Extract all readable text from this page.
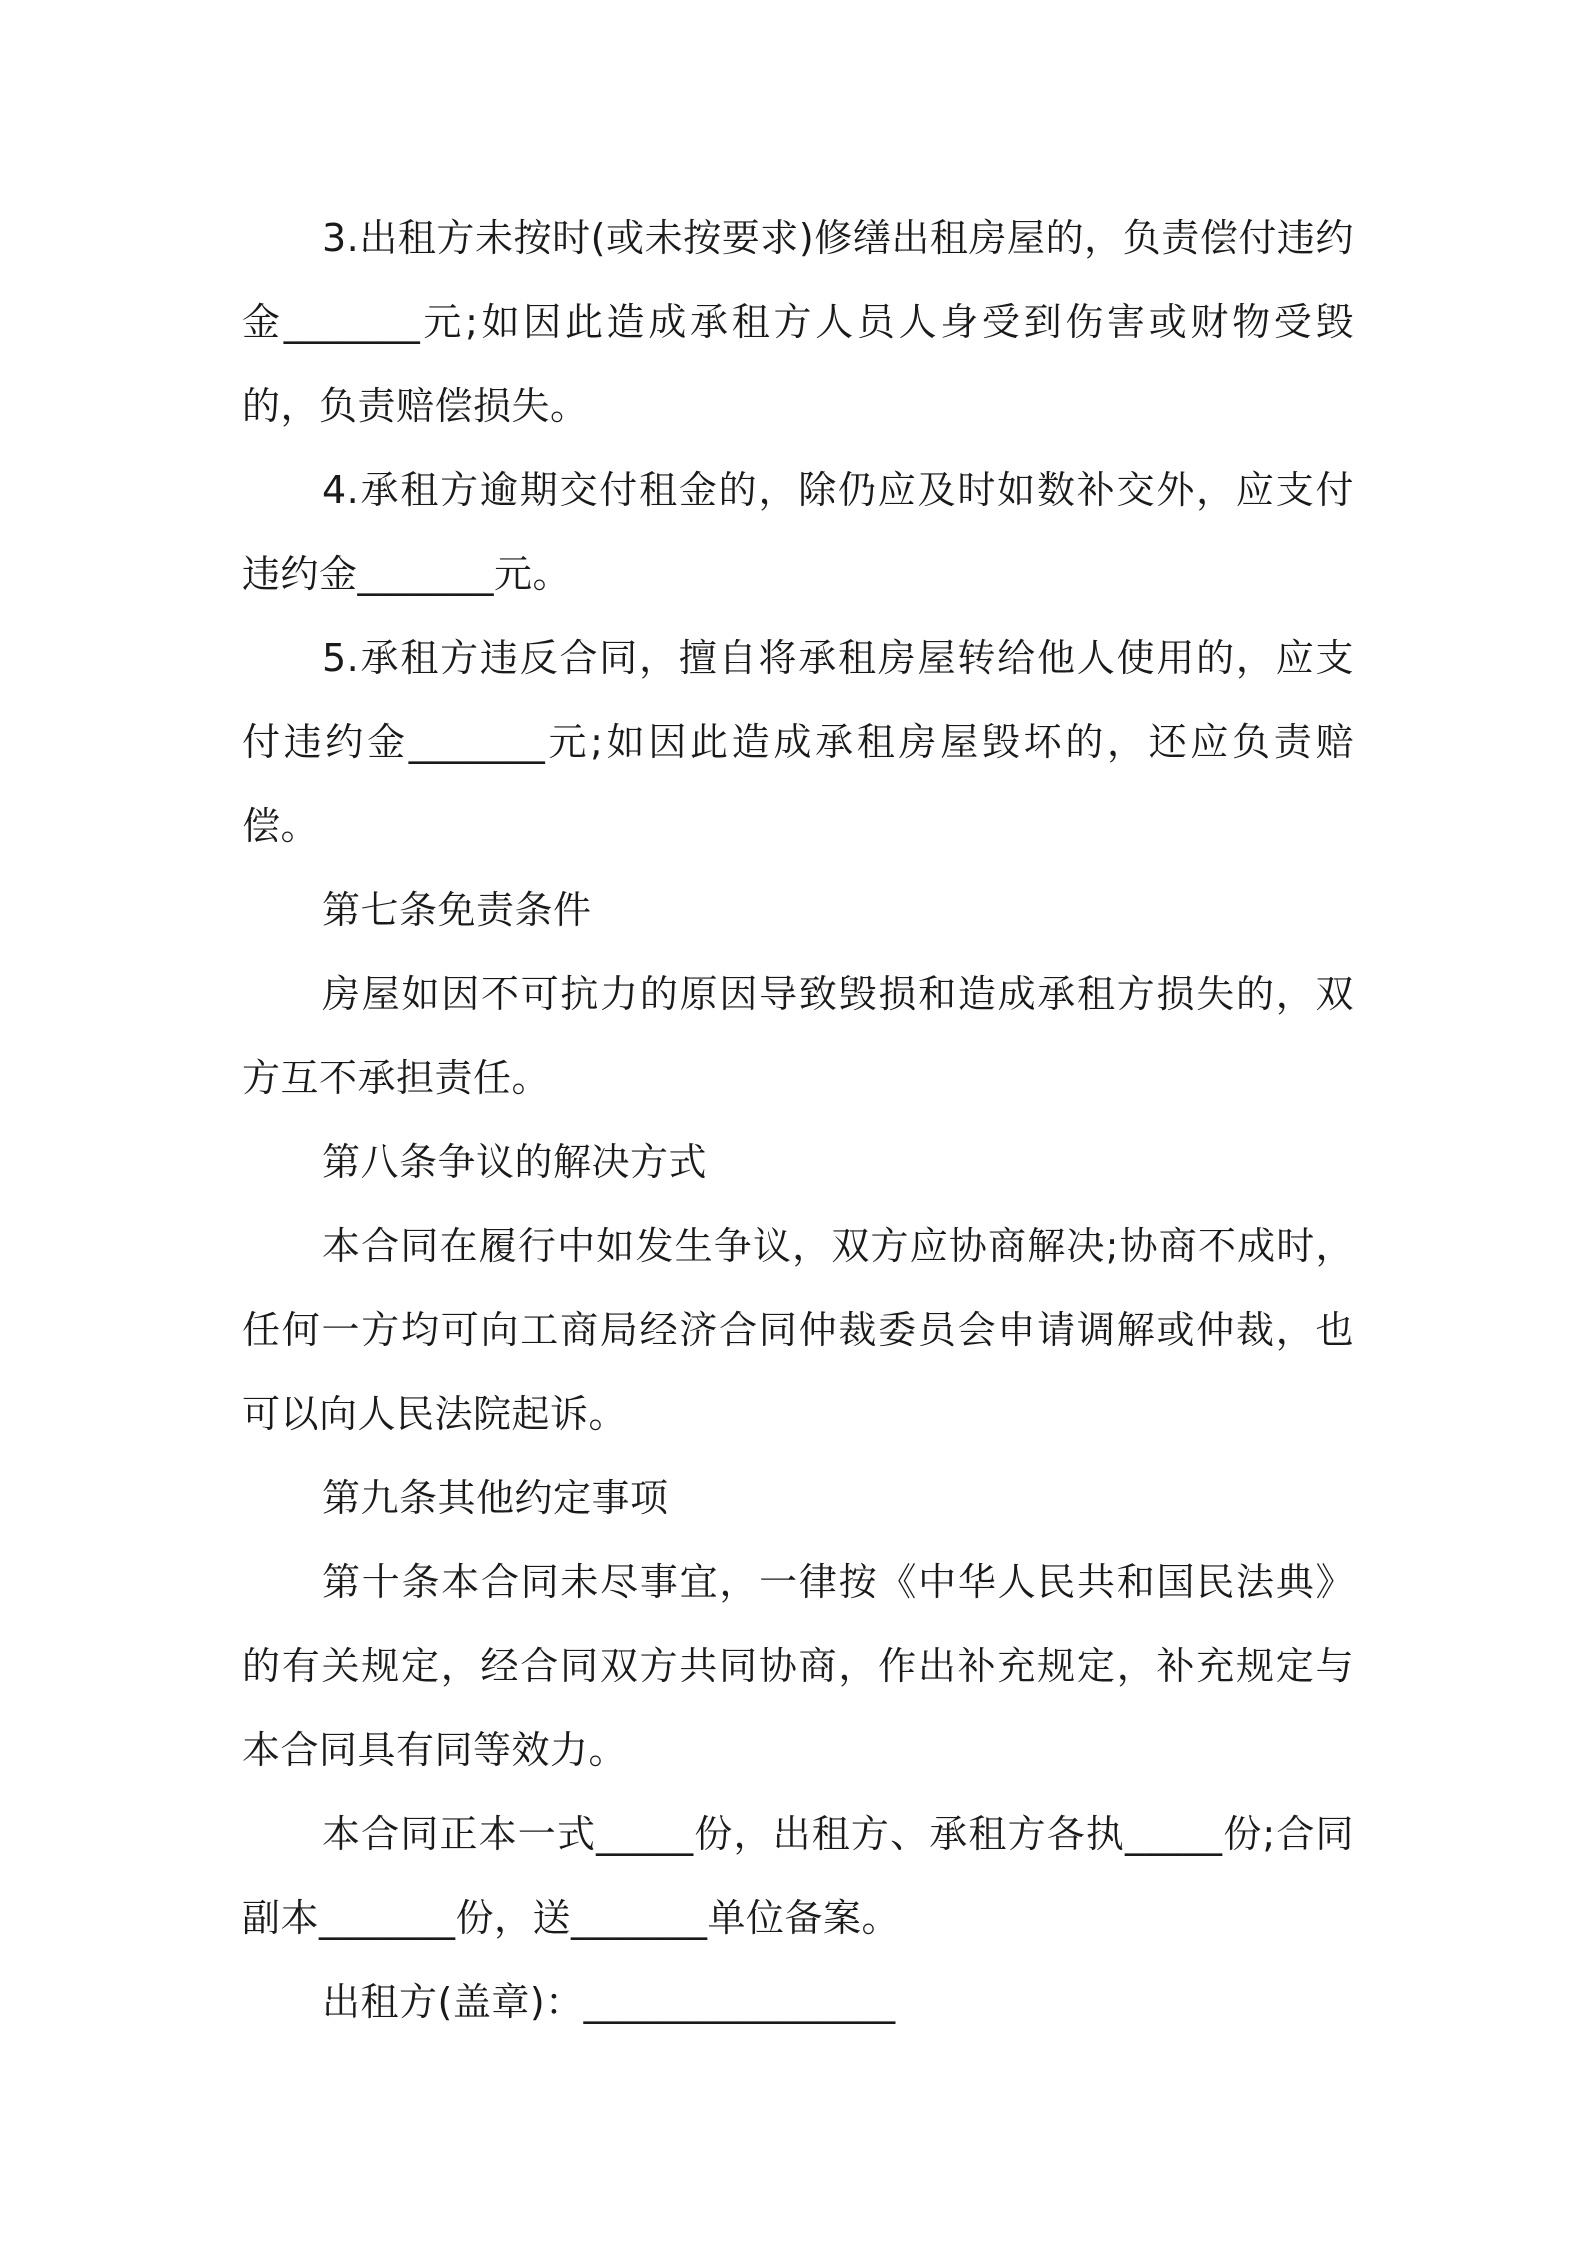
3.出租方未按时(或未按要求)修缮出租房屋的，负责偿付违约金_______元;如因此造成承租方人员人身受到伤害或财物受毁的，负责赔偿损失。

4.承租方逾期交付租金的，除仍应及时如数补交外，应支付违约金_______元。

5.承租方违反合同，擅自将承租房屋转给他人使用的，应支付违约金_______元;如因此造成承租房屋毁坏的，还应负责赔偿。

第七条免责条件

房屋如因不可抗力的原因导致毁损和造成承租方损失的，双方互不承担责任。

第八条争议的解决方式

本合同在履行中如发生争议，双方应协商解决;协商不成时，任何一方均可向工商局经济合同仲裁委员会申请调解或仲裁，也可以向人民法院起诉。

第九条其他约定事项

第十条本合同未尽事宜，一律按《中华人民共和国民法典》的有关规定，经合同双方共同协商，作出补充规定，补充规定与本合同具有同等效力。

本合同正本一式_____份，出租方、承租方各执_____份;合同副本_______份，送_______单位备案。

出租方(盖章)：________________
